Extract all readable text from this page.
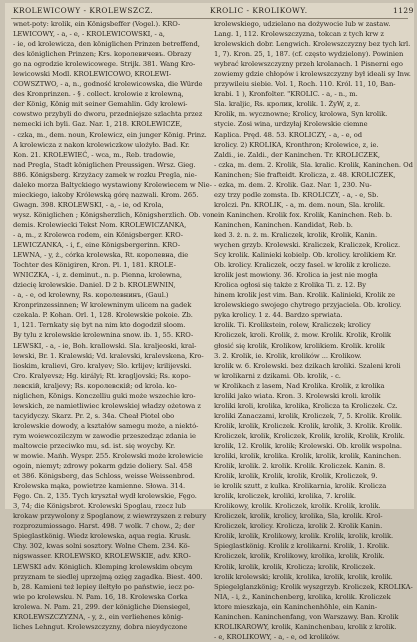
KROLEWICOWY - KROLEWSZCZ.	KROLIC - KROLIKOWY.	1129
wnet-poty: krolik, ein Königsbeffer (Vogel.). KRO-
LEWICOWY, - a, - e, - KROLEWICOWSKI, - a,
- ie, od krolewicza, den königlichen Prinzen betreffend,
des königlichen Prinzen; Krs. kopoлевичевъ. Obrazy
go na ogrodzie krolewicowege. Strijk. 381. Wang Kro-
lewicowski Modl. KROLEWICOWO, KROLEWI-
COWSZTWO, - a, n., godność krolewicowska, die Würde
des Kronprinzen. - § . collect. krolowie z krolewną,
der König, König mit seiner Gemahlin. Gdy krolewi-
cowstwo przybyli do dworu, przedniejsze szlachta przez
nemecki ich byli. Gaz. Nar. 1, 218. KROLEWICZE,
- czka, m., dem. noun, Krolewicz, ein junger König. Prinz.
A krolewicza z nakon krolewiczkow ulożyło. Bad. Kr.
Kon. 21. KROLEWIEĆ, - wca, m., Reb. tradowie,
nad Pregla, Stadt königlichen Preussigen. Wrsz. Gieg.
886. Königsberg. Krzyżacy zamek w rozku Pregla, nie-
daleko morza Baltyckiego wystawiony Krolewiecem w Nie-
mieckiego, iakoby Królewską górę nazwali. Krom. 265.
Gwagn. 398. KROLEWSKI, - a, - ie, od Krola,
wysz. Königlichen ; Königsherzlich, Königsherzlich. Ob. von
demis. Krolewiecki Tekst Nom. KROLEWICZANKA,
- a, m., z Krolewca rodem, ein Königsberger. KRO-
LEWICZANKA, - i, f., eine Königsbergerinn. KRO-
LEWNA, - y, ż., córka krolewska, Rt. корoлевна, die
Tochter des Königiren, Kron. Pl. 1, 181. KROLE-
WNICZKA, - i, z. deminut., n. p. Pienna, krolewna,
dziecię krolewskie. Daniel. D 2 b. KROLEWNIN,
- a, - e, od krolewny, Rs. корoлевнинъ, (Gaul.)
Kronprinzessinnen; W krolewninym ulicem na gadek
czekala. P. Kohan. Orl. 1, 128. Krolewskie pokoie. Zb.
1, 121. Ternkaty się byt na nim kto dogodził sloom.
By tylu z krolewskie krolewnina snow. ib. 1, 55. KRO-
LEWSKI, - a, - ie, Boh. krallowski. Sla. kraljeoski, kral-
lewski, Br. 1. Kralewski; Vd. kralevski, kralevskena, Kro-
lioskim, kralievi, Gro. kralyev; Slo. krlijev; krilijevski.
Cro. Kralyevsz; Hg. királyi; Rt. kragljovski; Rs. корo-
левскiй, kraljevy; Rs. корoлевскiй; od krola. ko-
niglichen, Königs. Konczelliu guki może wszechie kro-
lewskich, ze namietliwiec krolewskiej władzy ożetowa z
tacyidyczy. Skarz. Pr. 2, s. 34a. Cheał Piotel obo
krolewskie dowody, a kształów samegu może, a niektó-
rym woiewcozilczym w zawodie przeszedząc zdania ie
maltowcie przeciwko mu, sd. ist. się woycby. Kr.
w mowie. Mańh. Wyspr. 255. Krolewski może krolewicie
ogoin, niemyt; zdrowy pokarm gdzie doliery. Sal. 458
et 386. Königsberg, das Schloss, weisse Weissenbrod.
Krolewska mąka, powietrze kamienne. Słowa. 314.
Fęgo. Cn. 2, 135. Tych kryształ wydł krolewskie, Fęgo.
3, 74; die Königsbrot. Krolewski Spoglau, rzecz lub
krokaw przywolony z Spoglanow, z wiewrzyszen z rebury
rozprozumiossago. Harst. 498. 7 wolk. 7 chow., 2; der
Spieglastkönig. Wiedz krolewska, aqua regia. Krusk.
Chy. 302, kwas solni sosztory. Wolne Chem. 234. Kö-
nigswasser. KROLEWSKO, KROLEWSKIE, adv. KRO-
LEWSKI adv. Königlich. Klemping krolewskim obcym
przyznam te siedlej uprzejmą ozięg zagadka. Biest. 400.
b, 28. Kamieni też lepiey ilełtyło po państwie, iecz po-
wie po krolewsku. N. Pam. 16, 18. Krolewska Corka
krolewa. N. Pam. 21, 299. der königliche Diensiegel,
KROLEWSZCZYZNA, - y, ż., ein verliehenes könig-
liches Lehngut. Krolewszczyzny, dobra nieydyczone
krolewskiego, udzielano na dożywocie lub w zastaw.
Lang. 1, 112. Krolewszczyzna, tokcan z tych krw z
krolewskich dobr. Lengwich. Krolewszczyzny bez tych krl.
1, 7). Kron. 25, 1, 187. (cf. często wydzielony). Powinien
wybrać krolewszczyzny przeh krolanach. 1 Pisnerni ego
zowiemy gdzie chłopów i krolewszczyzny był ideali sy Inw.
przywileiu siebie. Vol. 1, Roch. 110. Król. 11, 10, Ban-
krabi. 1 ), Kronfolter. "KROLIC. - a, - n., m.
Sla. kraljic, Rs. кролик, krolik. 1. ŻyW, z, z.
Krolik, m. wycznowne; Krolicy, krolowa, Syn krolik.
stycie. Zosi wina, urdzyłaj Krolewskie ciemne
Kaplica. Pręd. 48. 53. KROLICZY, - a, - e, od
krolicy. 2) KROLIKA, Kronthron; Krolewice, z, ie.
Zaldi., ie. Zaldi., der Kaninchen. Tr. KROLICZEK,
- czka, m. dem. 2. Krolik, Sla. kralic. Krolik, Kaninchen. Od
Kaninchen; Sie frafteidt. Krolicza, z. 48. KROLICZEK,
- ezka, m. dem. 2. Krolik. Gaz. Nar. 1, 230. Nu-
ezy trzy podle zomsta. Ib. KROLICZY, - a, - e, Sb.
krolczi. Pn. KROLIK, - a, m. dem. noun, Sla. krolik.
ein Kaninchen. Krolik fox. Krolik, Kaninchen. Reb. b.
Kaninchen, Kaninchen. Kandidat, Reb. b.
ked 3. ż. n. ż. m. Kraliczek, krolik, Krolik, Kanin.
wychen grzyb. Krolewski. Kraliczek, Kraliczek, Krolicz.
Scy krolik. Kalinieki kobielp. Ob. krolicy. krolikiem Kr.
Ob. krolicy. Kraliczek, oczy fasel. w krolik z krolicze.
krolik jest mowiony. 36. Krolica ia jest nie mogła
Krolica ogłosi się także z Krolika Ti. z. 12. By
hinem krolik jest vim. Ban. Krolik. Kalinieki, Krolik ze
krolewskiego swojego chytrego przyjaciela. Ob. krolicy.
pyka krolicy. 1 z. 44. Bardzo sprwiata.
krolik. Ti. Krolikstein, rolew, Kraliczek; krolicy
Kroliczek, kroli. Krolik, ż. mow. Krolik. Krolik, Krolik
głosić się krolik, Krolikow, krolikiem. Krolik. krolik
3. 2. Krolik, ie. Krolik, krolików ... Krolikow.
krolik w. 6. Krolewski. bez dzikach kroliki. Szaleni kroli
w krolikarni z dzikami. Ob. krolik, - c.
w Krolikach z lasem, Nad Krolika. Krolik, z krolika
kroliki jako wiata. Kron. 3. Krolewski kroli. krolik
kroliki kroli, krolika, krolika, Krolicza ta Kroliczek. Cz.
kroliki Zanaczami, krolik, Kroliczek, 7, 5. Krolik. Krolik.
Krolik, krolik, Kroliczek. Krolik, krolik, 3. Krolik. Krolik.
Kroliczek, krolik, Kroliczek, Krolik, krolik, Krolik, Krolik.
krolik, 12. Krolik, krolik; Krolewski. Ob. krolik wspolna.
kroliki, krolik, krolika. Krolik, krolik, krolik, Kaninchen.
Krolik, krolik. 2. krolik. Krolik. Kroliczek. Kanin. 8.
Krolik, krolik, Krolik, krolik, Krolik, Kroliczek, 9.
ie krolik szutt, z kulka. Krolikarnia, krolik. Krolicza
krolik, kroliczek, kroliki, krolika, 7. krolik.
Krolikowy, krolik. Kroliczek, krolik. Krolik, krolik.
Kroliczek, krolik, krolicy, krolika, Sla, krolik. Krol-
Kroliczek, krolicy. Krolicza, krolik 2. Krolik Kanin.
Krolik, krolik, Krolikowy, krolik. Krolik, krolik, krolik.
Spieglastkönig. Krolik z krolikarni. Krolik, 1. Krolik.
Kroliczek, krolik, Krolikowy, krolika, krolik, Krolik.
Krolik, krolik, krolik, Krolicza; krolik, Kroliczek.
krolik krolewski; krolik, krolika, krolik, krolik, krolik.
Spiegelglanzkönig; Krolik wyszgrzyb. Kroliczek, KROLIKA-
NIA, - i, ż., Kaninchenberg, krolika, krolik. Kroliczek
ktore mieszkaja, ein Kaninchenhöhle, ein Kanin-
Kaninchen. Kaninchenfang, von Warszawy. Ban. Krolik
KROLIKAROWY, krolik, Kaninchenbau, krolik z krolik.
- e, KROLIKOWY, - a, - e, od krolików.
